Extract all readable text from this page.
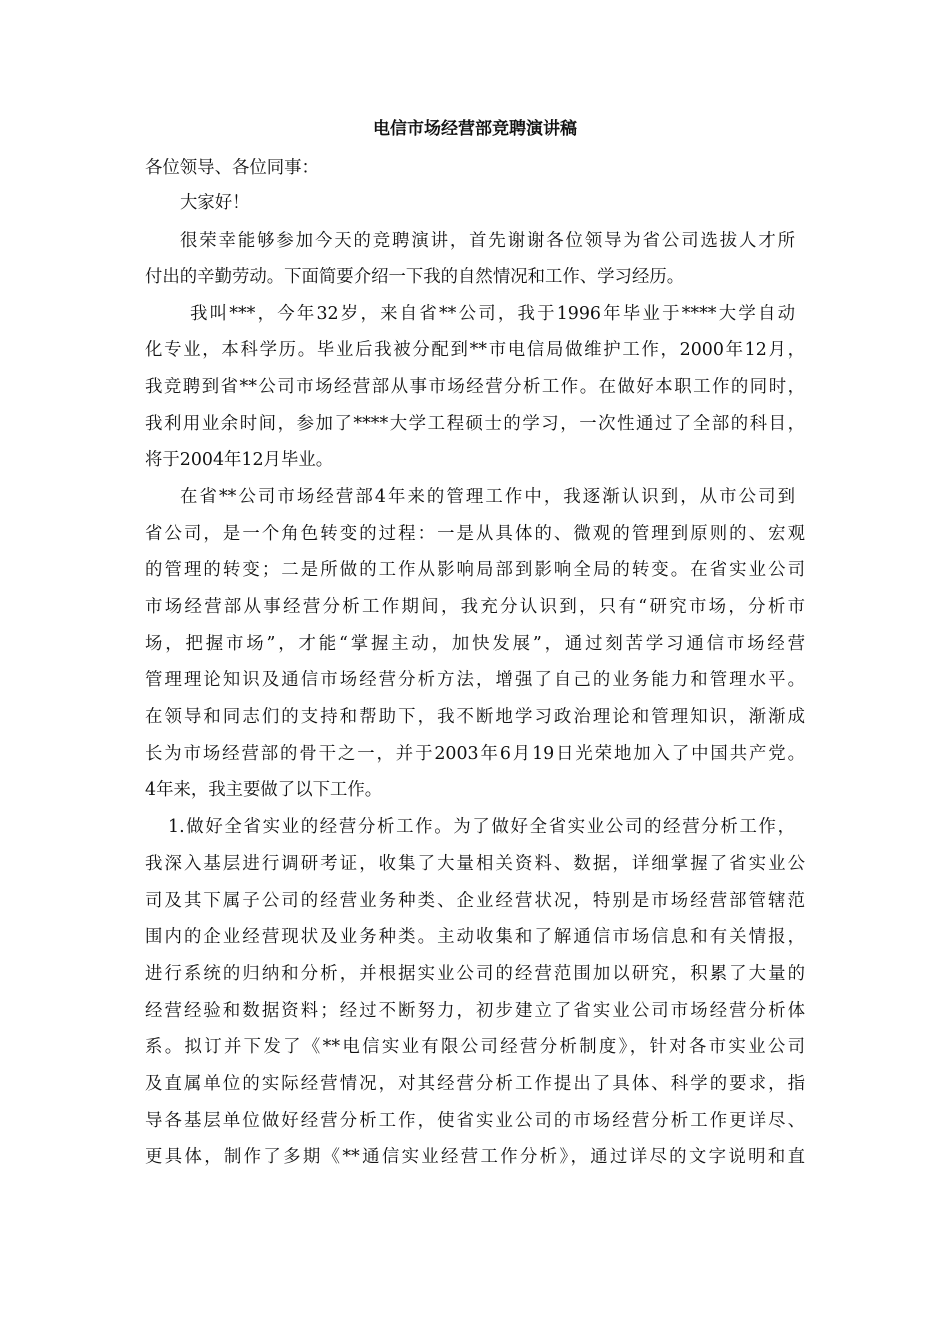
电信市场经营部竞聘演讲稿
各位领导、各位同事：
大家好！
很荣幸能够参加今天的竞聘演讲，首先谢谢各位领导为省公司选拔人才所
付出的辛勤劳动。下面简要介绍一下我的自然情况和工作、学习经历。
我叫***，今年32岁，来自省**公司，我于1996年毕业于****大学自动
化专业，本科学历。毕业后我被分配到**市电信局做维护工作，2000年12月，
我竞聘到省**公司市场经营部从事市场经营分析工作。在做好本职工作的同时，
我利用业余时间，参加了****大学工程硕士的学习，一次性通过了全部的科目，
将于2004年12月毕业。
在省**公司市场经营部4年来的管理工作中，我逐渐认识到，从市公司到
省公司，是一个角色转变的过程：一是从具体的、微观的管理到原则的、宏观
的管理的转变；二是所做的工作从影响局部到影响全局的转变。在省实业公司
市场经营部从事经营分析工作期间，我充分认识到，只有“研究市场，分析市
场，把握市场”，才能“掌握主动，加快发展”，通过刻苦学习通信市场经营
管理理论知识及通信市场经营分析方法，增强了自己的业务能力和管理水平。
在领导和同志们的支持和帮助下，我不断地学习政治理论和管理知识，渐渐成
长为市场经营部的骨干之一，并于2003年6月19日光荣地加入了中国共产党。
4年来，我主要做了以下工作。
1.做好全省实业的经营分析工作。为了做好全省实业公司的经营分析工作，
我深入基层进行调研考证，收集了大量相关资料、数据，详细掌握了省实业公
司及其下属子公司的经营业务种类、企业经营状况，特别是市场经营部管辖范
围内的企业经营现状及业务种类。主动收集和了解通信市场信息和有关情报，
进行系统的归纳和分析，并根据实业公司的经营范围加以研究，积累了大量的
经营经验和数据资料；经过不断努力，初步建立了省实业公司市场经营分析体
系。拟订并下发了《**电信实业有限公司经营分析制度》，针对各市实业公司
及直属单位的实际经营情况，对其经营分析工作提出了具体、科学的要求，指
导各基层单位做好经营分析工作，使省实业公司的市场经营分析工作更详尽、
更具体，制作了多期《**通信实业经营工作分析》，通过详尽的文字说明和直
